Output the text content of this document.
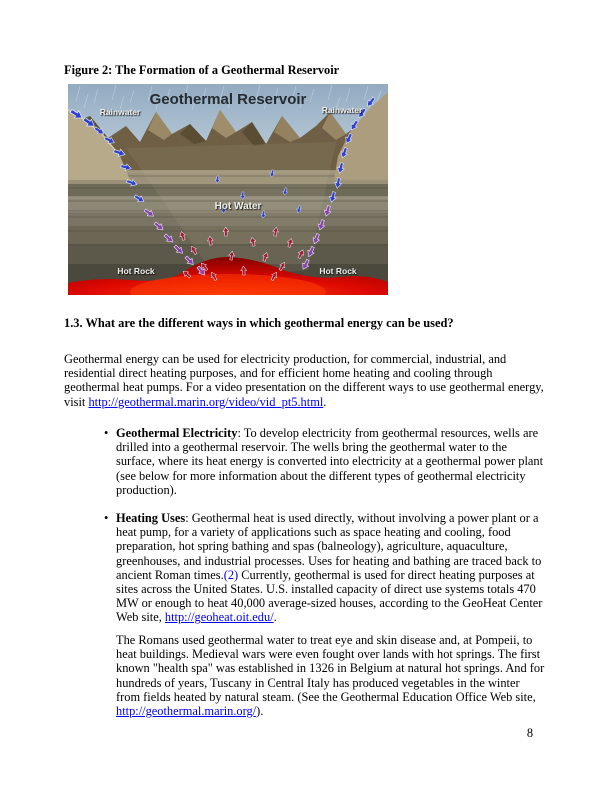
Figure 2: The Formation of a Geothermal Reservoir
Geothermal Reservoir
Rainwater	Rainwater
Hot Water
Hot Rock	Hot Rock
1.3. What are the different ways in which geothermal energy can be used?
Geothermal energy can be used for electricity production, for commercial, industrial, and residential direct heating purposes, and for efficient home heating and cooling through geothermal heat pumps. For a video presentation on the different ways to use geothermal energy, visit http://geothermal.marin.org/video/vid_pt5.html.
• Geothermal Electricity: To develop electricity from geothermal resources, wells are drilled into a geothermal reservoir. The wells bring the geothermal water to the surface, where its heat energy is converted into electricity at a geothermal power plant (see below for more information about the different types of geothermal electricity production).
• Heating Uses: Geothermal heat is used directly, without involving a power plant or a heat pump, for a variety of applications such as space heating and cooling, food preparation, hot spring bathing and spas (balneology), agriculture, aquaculture, greenhouses, and industrial processes. Uses for heating and bathing are traced back to ancient Roman times.(2) Currently, geothermal is used for direct heating purposes at sites across the United States. U.S. installed capacity of direct use systems totals 470 MW or enough to heat 40,000 average-sized houses, according to the GeoHeat Center Web site, http://geoheat.oit.edu/.
The Romans used geothermal water to treat eye and skin disease and, at Pompeii, to heat buildings. Medieval wars were even fought over lands with hot springs. The first known "health spa" was established in 1326 in Belgium at natural hot springs. And for hundreds of years, Tuscany in Central Italy has produced vegetables in the winter from fields heated by natural steam. (See the Geothermal Education Office Web site, http://geothermal.marin.org/).
8
